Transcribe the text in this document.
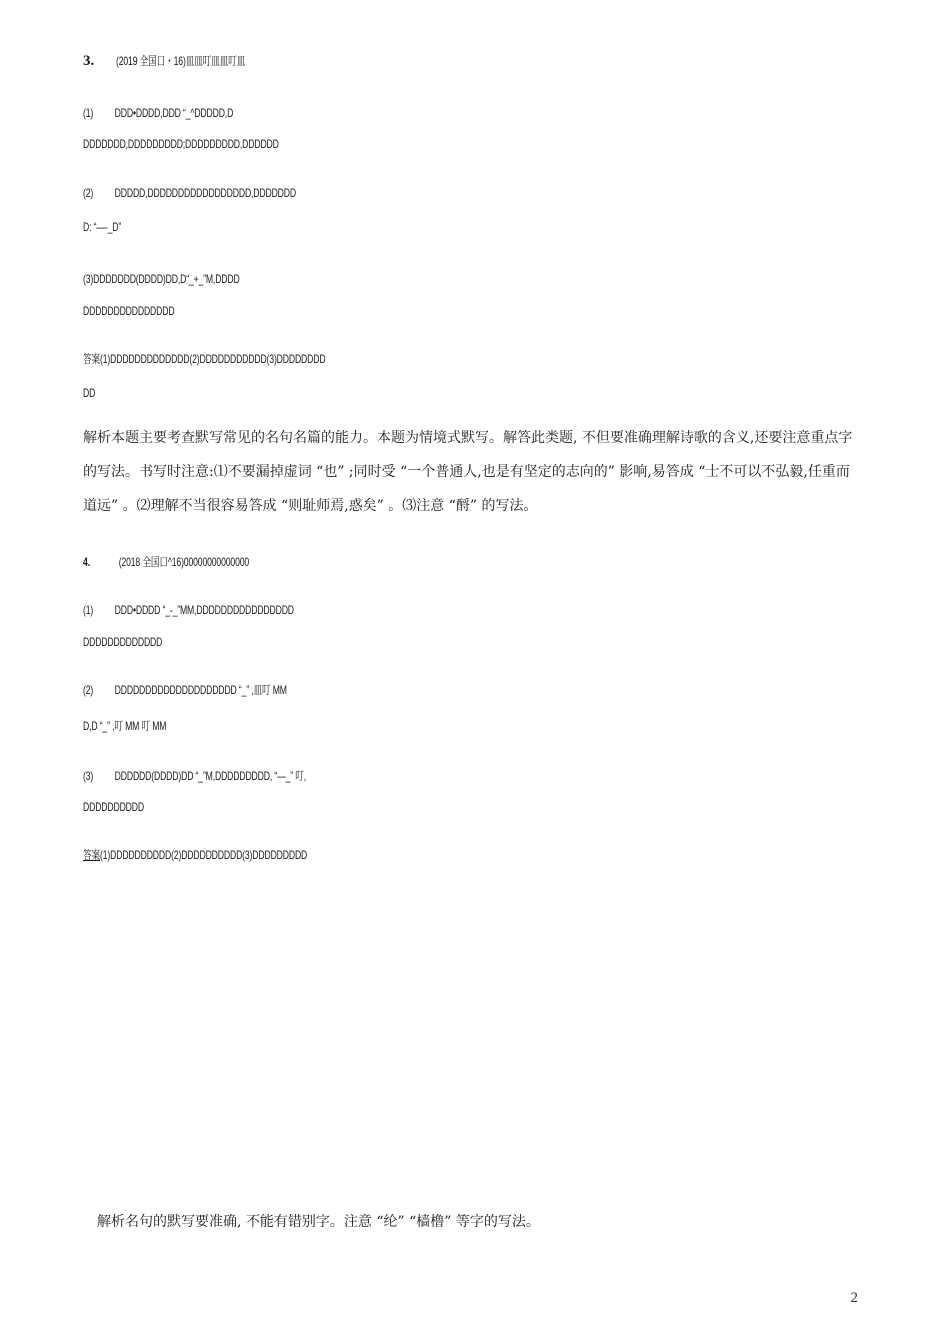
3. (2019 全国口・16)皿皿叮皿皿叮皿
(1) DDD•DDDD,DDD “_^DDDDD,D
DDDDDDD,DDDDDDDDD;DDDDDDDDD,DDDDDD
(2) DDDDD,DDDDDDDDDDDDDDDDD,DDDDDDD
D: “—-_D”
(3)DDDDDDD(DDDD)DD,D“_+_”M,DDDD
DDDDDDDDDDDDDDD
答案(1)DDDDDDDDDDDDD(2)DDDDDDDDDDD(3)DDDDDDDD
DD
解析本题主要考查默写常见的名句名篇的能力。本题为情境式默写。解答此类题, 不但要准确理解诗歌的含义,还要注意重点字的写法。书写时注意:⑴不要漏掉虚词 “也” ;同时受 “一个普通人,也是有坚定的志向的” 影响,易答成 “士不可以不弘毅,任重而道远” 。⑵理解不当很容易答成 “则耻师焉,惑矣” 。⑶注意 “酹” 的写法。
4. (2018 全国口^16)00000000000000
(1) DDD•DDDD “_-_”MM,DDDDDDDDDDDDDDDD
DDDDDDDDDDDDD
(2) DDDDDDDDDDDDDDDDDDDD “_” ,皿叮 MM
D,D “_” ,叮 MM 叮 MM
(3) DDDDDD(DDDD)DD “_”M,DDDDDDDDD, “—_” 叮,
DDDDDDDDDD
答案(1)DDDDDDDDDD(2)DDDDDDDDDD(3)DDDDDDDDD
解析名句的默写要准确, 不能有错别字。注意 “纶” “樯橹” 等字的写法。
2
